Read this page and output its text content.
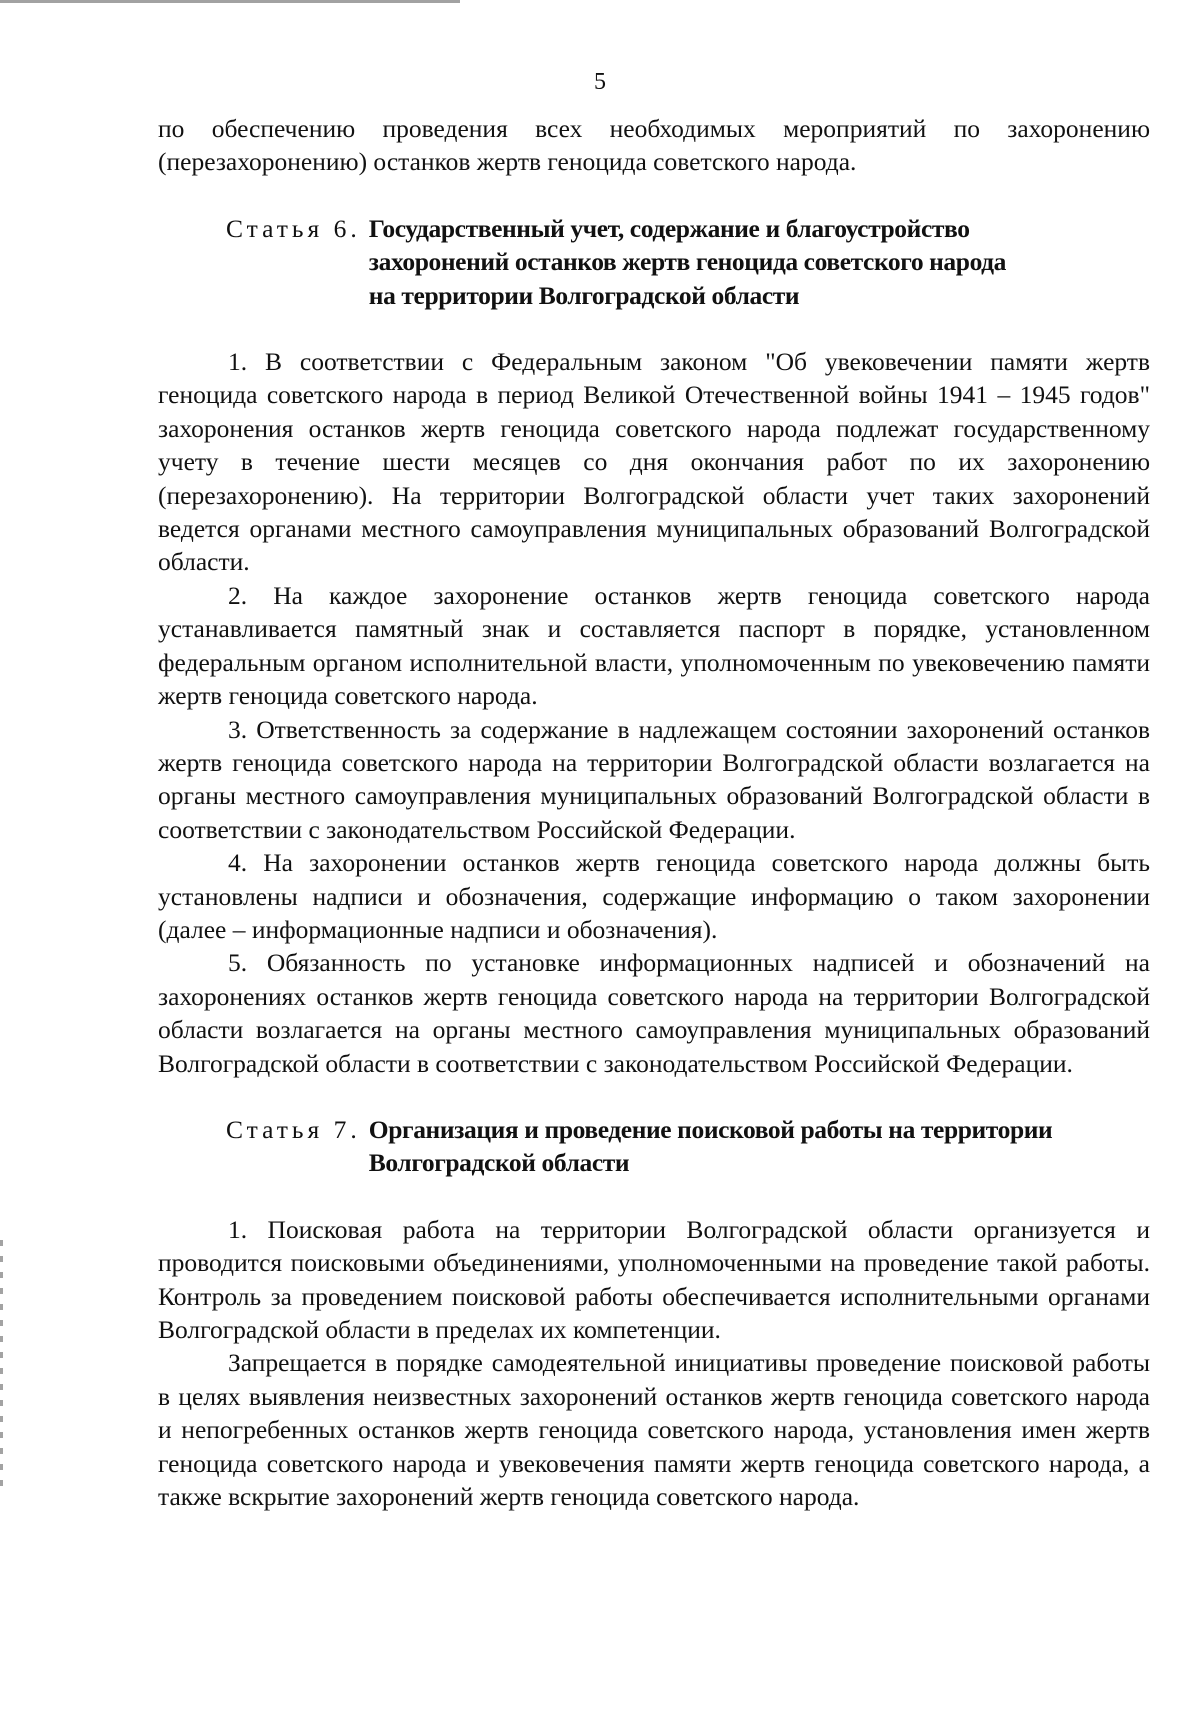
5

по обеспечению проведения всех необходимых мероприятий по захоронению (перезахоронению) останков жертв геноцида советского народа.

Статья 6. Государственный учет, содержание и благоустройство
захоронений останков жертв геноцида советского народа
на территории Волгоградской области

1. В соответствии с Федеральным законом "Об увековечении памяти жертв геноцида советского народа в период Великой Отечественной войны 1941 – 1945 годов" захоронения останков жертв геноцида советского народа подлежат государственному учету в течение шести месяцев со дня окончания работ по их захоронению (перезахоронению). На территории Волгоградской области учет таких захоронений ведется органами местного самоуправления муниципальных образований Волгоградской области.

2. На каждое захоронение останков жертв геноцида советского народа устанавливается памятный знак и составляется паспорт в порядке, установленном федеральным органом исполнительной власти, уполномоченным по увековечению памяти жертв геноцида советского народа.

3. Ответственность за содержание в надлежащем состоянии захоронений останков жертв геноцида советского народа на территории Волгоградской области возлагается на органы местного самоуправления муниципальных образований Волгоградской области в соответствии с законодательством Российской Федерации.

4. На захоронении останков жертв геноцида советского народа должны быть установлены надписи и обозначения, содержащие информацию о таком захоронении (далее – информационные надписи и обозначения).

5. Обязанность по установке информационных надписей и обозначений на захоронениях останков жертв геноцида советского народа на территории Волгоградской области возлагается на органы местного самоуправления муниципальных образований Волгоградской области в соответствии с законодательством Российской Федерации.

Статья 7. Организация и проведение поисковой работы на территории
Волгоградской области

1. Поисковая работа на территории Волгоградской области организуется и проводится поисковыми объединениями, уполномоченными на проведение такой работы. Контроль за проведением поисковой работы обеспечивается исполнительными органами Волгоградской области в пределах их компетенции.

Запрещается в порядке самодеятельной инициативы проведение поисковой работы в целях выявления неизвестных захоронений останков жертв геноцида советского народа и непогребенных останков жертв геноцида советского народа, установления имен жертв геноцида советского народа и увековечения памяти жертв геноцида советского народа, а также вскрытие захоронений жертв геноцида советского народа.
